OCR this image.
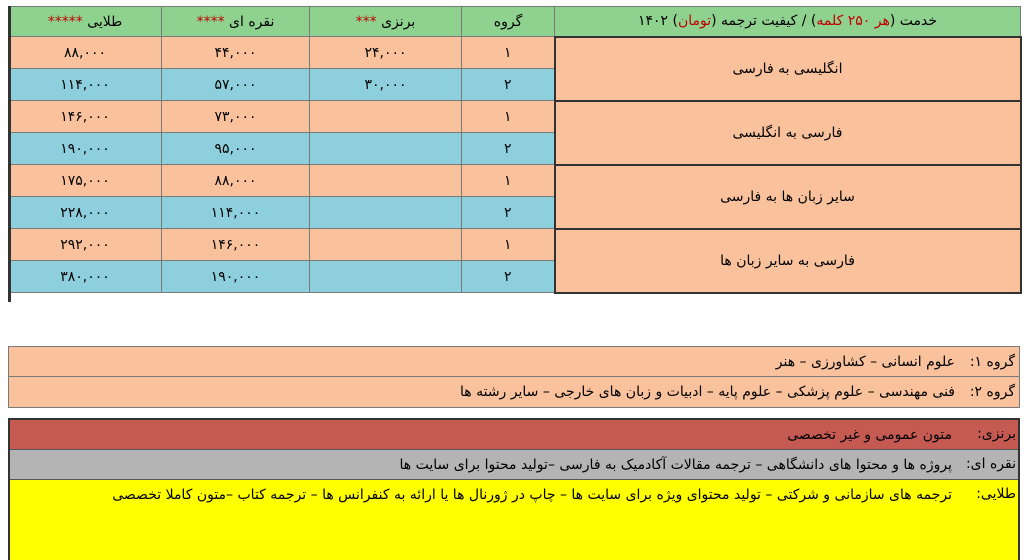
خدمت (هر ۲۵۰ کلمه) / کیفیت ترجمه (تومان) ۱۴۰۲	گروه	برنزی ***	نقره ای ****	طلایی *****
انگلیسی به فارسی	۱	۲۴,۰۰۰	۴۴,۰۰۰	۸۸,۰۰۰
	۲	۳۰,۰۰۰	۵۷,۰۰۰	۱۱۴,۰۰۰
فارسی به انگلیسی	۱		۷۳,۰۰۰	۱۴۶,۰۰۰
	۲		۹۵,۰۰۰	۱۹۰,۰۰۰
سایر زبان ها به فارسی	۱		۸۸,۰۰۰	۱۷۵,۰۰۰
	۲		۱۱۴,۰۰۰	۲۲۸,۰۰۰
فارسی به سایر زبان ها	۱		۱۴۶,۰۰۰	۲۹۲,۰۰۰
	۲		۱۹۰,۰۰۰	۳۸۰,۰۰۰
گروه ۱:
علوم انسانی – کشاورزی – هنر
گروه ۲:
فنی مهندسی – علوم پزشکی – علوم پایه – ادبیات و زبان های خارجی – سایر رشته ها
برنزی:
متون عمومی و غیر تخصصی
نقره ای:
پروژه ها و محتوا های دانشگاهی – ترجمه مقالات آکادمیک به فارسی –تولید محتوا برای سایت ها
طلایی:
ترجمه های سازمانی و شرکتی – تولید محتوای ویژه برای سایت ها – چاپ در ژورنال ها یا ارائه به کنفرانس ها – ترجمه کتاب –متون کاملا تخصصی
